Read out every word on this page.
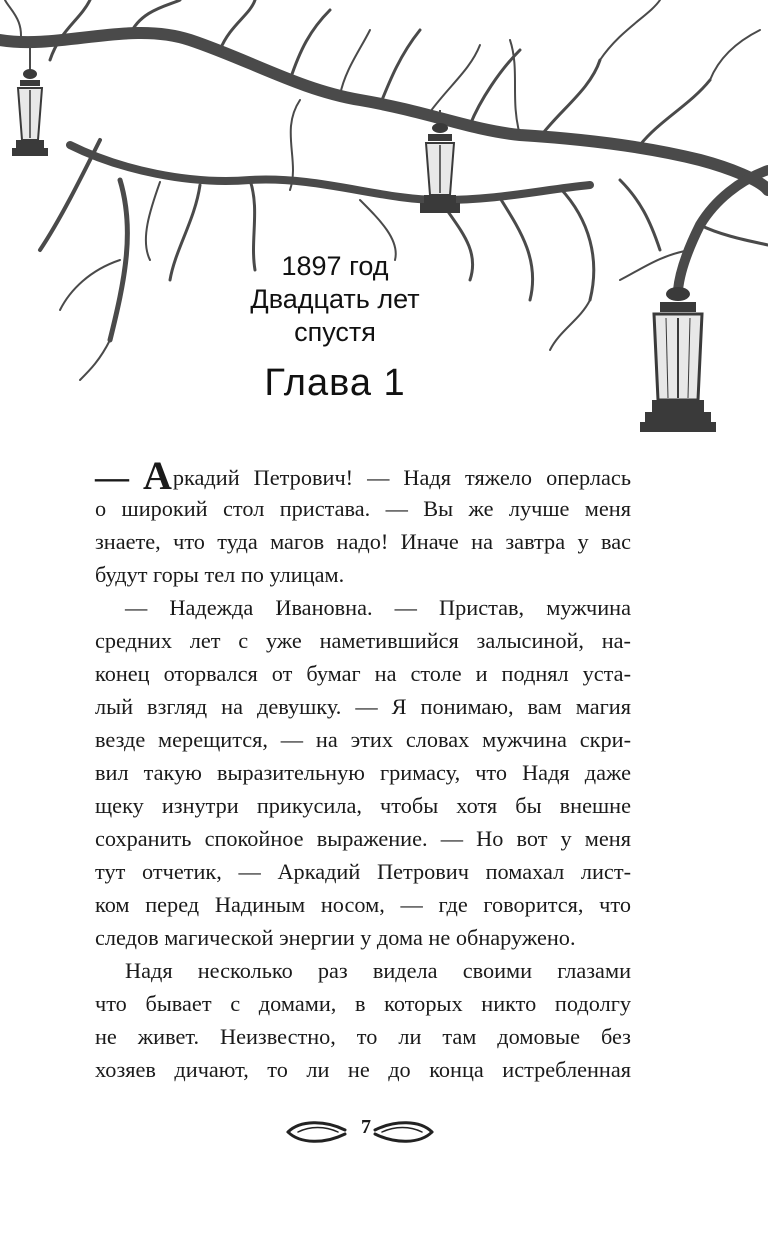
1897 год
Двадцать лет
спустя
Глава 1
— Аркадий Петрович! — Надя тяжело оперлась
о широкий стол пристава. — Вы же лучше меня
знаете, что туда магов надо! Иначе на завтра у вас
будут горы тел по улицам.
— Надежда Ивановна. — Пристав, мужчина
средних лет с уже наметившийся залысиной, на-
конец оторвался от бумаг на столе и поднял уста-
лый взгляд на девушку. — Я понимаю, вам магия
везде мерещится, — на этих словах мужчина скри-
вил такую выразительную гримасу, что Надя даже
щеку изнутри прикусила, чтобы хотя бы внешне
сохранить спокойное выражение. — Но вот у меня
тут отчетик, — Аркадий Петрович помахал лист-
ком перед Надиным носом, — где говорится, что
следов магической энергии у дома не обнаружено.
Надя несколько раз видела своими глазами
что бывает с домами, в которых никто подолгу
не живет. Неизвестно, то ли там домовые без
хозяев дичают, то ли не до конца истребленная
7
